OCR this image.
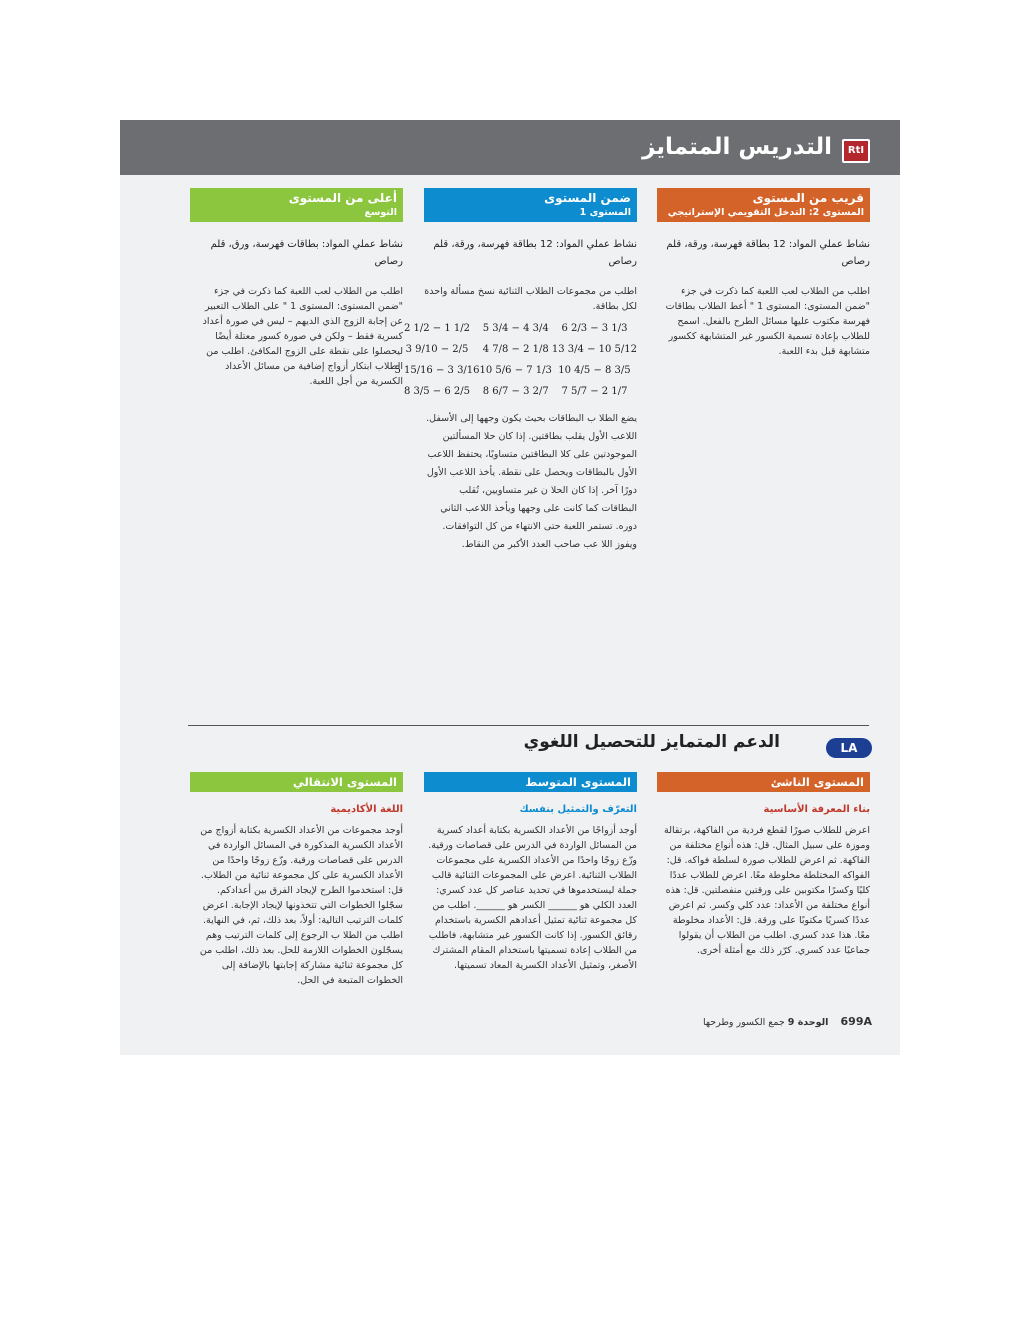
RtI
التدريس المتمايز
قريب من المستوى
المستوى 2: التدخل التقويمي الإستراتيجي
نشاط عملي المواد: 12 بطاقة فهرسة، ورقة، قلم رصاص
اطلب من الطلاب لعب اللعبة كما ذكرت في جزء "ضمن المستوى: المستوى 1 " أعط الطلاب بطاقات فهرسة مكتوب عليها مسائل الطرح بالفعل. اسمح للطلاب بإعادة تسمية الكسور غير المتشابهة ككسور متشابهة قبل بدء اللعبة.
ضمن المستوى
المستوى 1
نشاط عملي المواد: 12 بطاقة فهرسة، ورقة، قلم رصاص
اطلب من مجموعات الطلاب الثنائية نسخ مسألة واحدة لكل بطاقة.
6 2/3 − 3 1/3
5 3/4 − 4 3/4
2 1/2 − 1 1/2
13 3/4 − 10 5/12
4 7/8 − 2 1/8
3 9/10 − 2/5
10 4/5 − 8 3/5
10 5/6 − 7 1/3
5 15/16 − 3 3/16
7 5/7 − 2 1/7
8 6/7 − 3 2/7
8 3/5 − 6 2/5
يضع الطلا ب البطاقات بحيث يكون وجهها إلى الأسفل. اللاعب الأول يقلب بطاقتين. إذا كان حلا المسألتين الموجودتين على كلا البطاقتين متساويًا، يحتفظ اللاعب الأول بالبطاقات ويحصل على نقطة. يأخذ اللاعب الأول دورًا آخر. إذا كان الحلا ن غير متساويين، تُقلب البطاقات كما كانت على وجهها ويأخذ اللاعب الثاني دوره. تستمر اللعبة حتى الانتهاء من كل التوافقات. ويفوز اللا عب صاحب العدد الأكبر من النقاط.
أعلى من المستوى
التوسع
نشاط عملي المواد: بطاقات فهرسة، ورق، قلم رصاص
اطلب من الطلاب لعب اللعبة كما ذكرت في جزء "ضمن المستوى: المستوى 1 " على الطلاب التعبير عن إجابة الزوج الذي الديهم – ليس في صورة أعداد كسرية فقط – ولكن في صورة كسور معتلة أيضًا ليحصلوا على نقطة على الزوج المكافئ. اطلب من الطلاب ابتكار أزواج إضافية من مسائل الأعداد الكسرية من أجل اللعبة.
LA
الدعم المتمايز للتحصيل اللغوي
المستوى الناشئ
بناء المعرفة الأساسية
اعرض للطلاب صورًا لقطع فردية من الفاكهة، برتقالة وموزة على سبيل المثال. قل: هذه أنواع مختلفة من الفاكهة. ثم اعرض للطلاب صورة لسلطة فواكه. قل: الفواكه المختلطة مخلوطة معًا. اعرض للطلاب عددًا كليًا وكسرًا مكتوبين على ورقتين منفصلتين. قل: هذه أنواع مختلفة من الأعداد: عدد كلي وكسر. ثم اعرض عددًا كسريًا مكتوبًا على ورقة. قل: الأعداد مخلوطة معًا. هذا عدد كسري. اطلب من الطلاب أن يقولوا جماعيًا عدد كسري. كرّر ذلك مع أمثلة أخرى.
المستوى المتوسط
التعرّف والتمثيل بنفسك
أوجد أزواجًا من الأعداد الكسرية بكتابة أعداد كسرية من المسائل الواردة في الدرس على قصاصات ورقية. وزّع زوجًا واحدًا من الأعداد الكسرية على مجموعات الطلاب الثنائية. اعرض على المجموعات الثنائية قالب جملة ليستخدموها في تحديد عناصر كل عدد كسري: العدد الكلي هو ______ الكسر هو ______. اطلب من كل مجموعة ثنائية تمثيل أعدادهم الكسرية باستخدام رقائق الكسور. إذا كانت الكسور غير متشابهة، فاطلب من الطلاب إعادة تسميتها باستخدام المقام المشترك الأصغر، وتمثيل الأعداد الكسرية المعاد تسميتها.
المستوى الانتقالي
اللغة الأكاديمية
أوجد مجموعات من الأعداد الكسرية بكتابة أزواج من الأعداد الكسرية المذكورة في المسائل الواردة في الدرس على قصاصات ورقية. وزّع زوجًا واحدًا من الأعداد الكسرية على كل مجموعة ثنائية من الطلاب. قل: استخدموا الطرح لإيجاد الفرق بين أعدادكم. سجّلوا الخطوات التي تتخذونها لإيجاد الإجابة. اعرض كلمات الترتيب التالية: أولاً، بعد ذلك، ثم، في النهاية. اطلب من الطلا ب الرجوع إلى كلمات الترتيب وهم يسجّلون الخطوات اللازمة للحل. بعد ذلك، اطلب من كل مجموعة ثنائية مشاركة إجابتها بالإضافة إلى الخطوات المتبعة في الحل.
699A    الوحدة 9 جمع الكسور وطرحها
